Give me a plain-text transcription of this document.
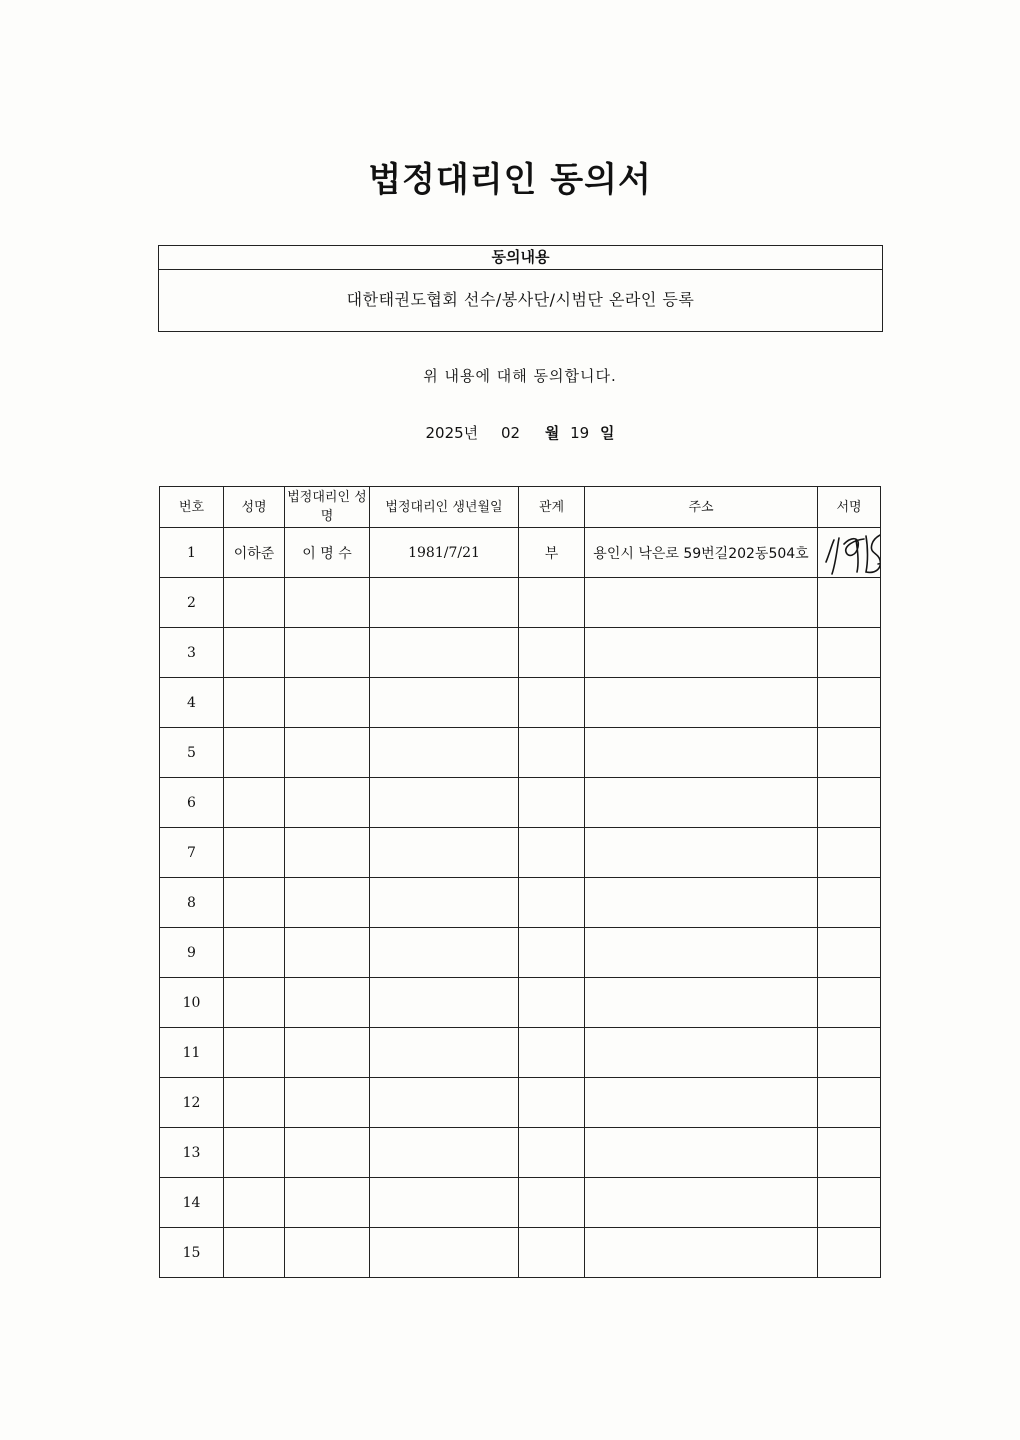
법정대리인 동의서
동의내용
대한태권도협회 선수/봉사단/시범단 온라인 등록
위 내용에 대해 동의합니다.
2025년 02 월 19 일
번호	성명	법정대리인 성명	법정대리인 생년월일	관계	주소	서명
1	이하준	이 명 수	1981/7/21	부	용인시 낙은로 59번길202동504호	

2						
3						
4						
5						
6						
7						
8						
9						
10						
11						
12						
13						
14						
15						
